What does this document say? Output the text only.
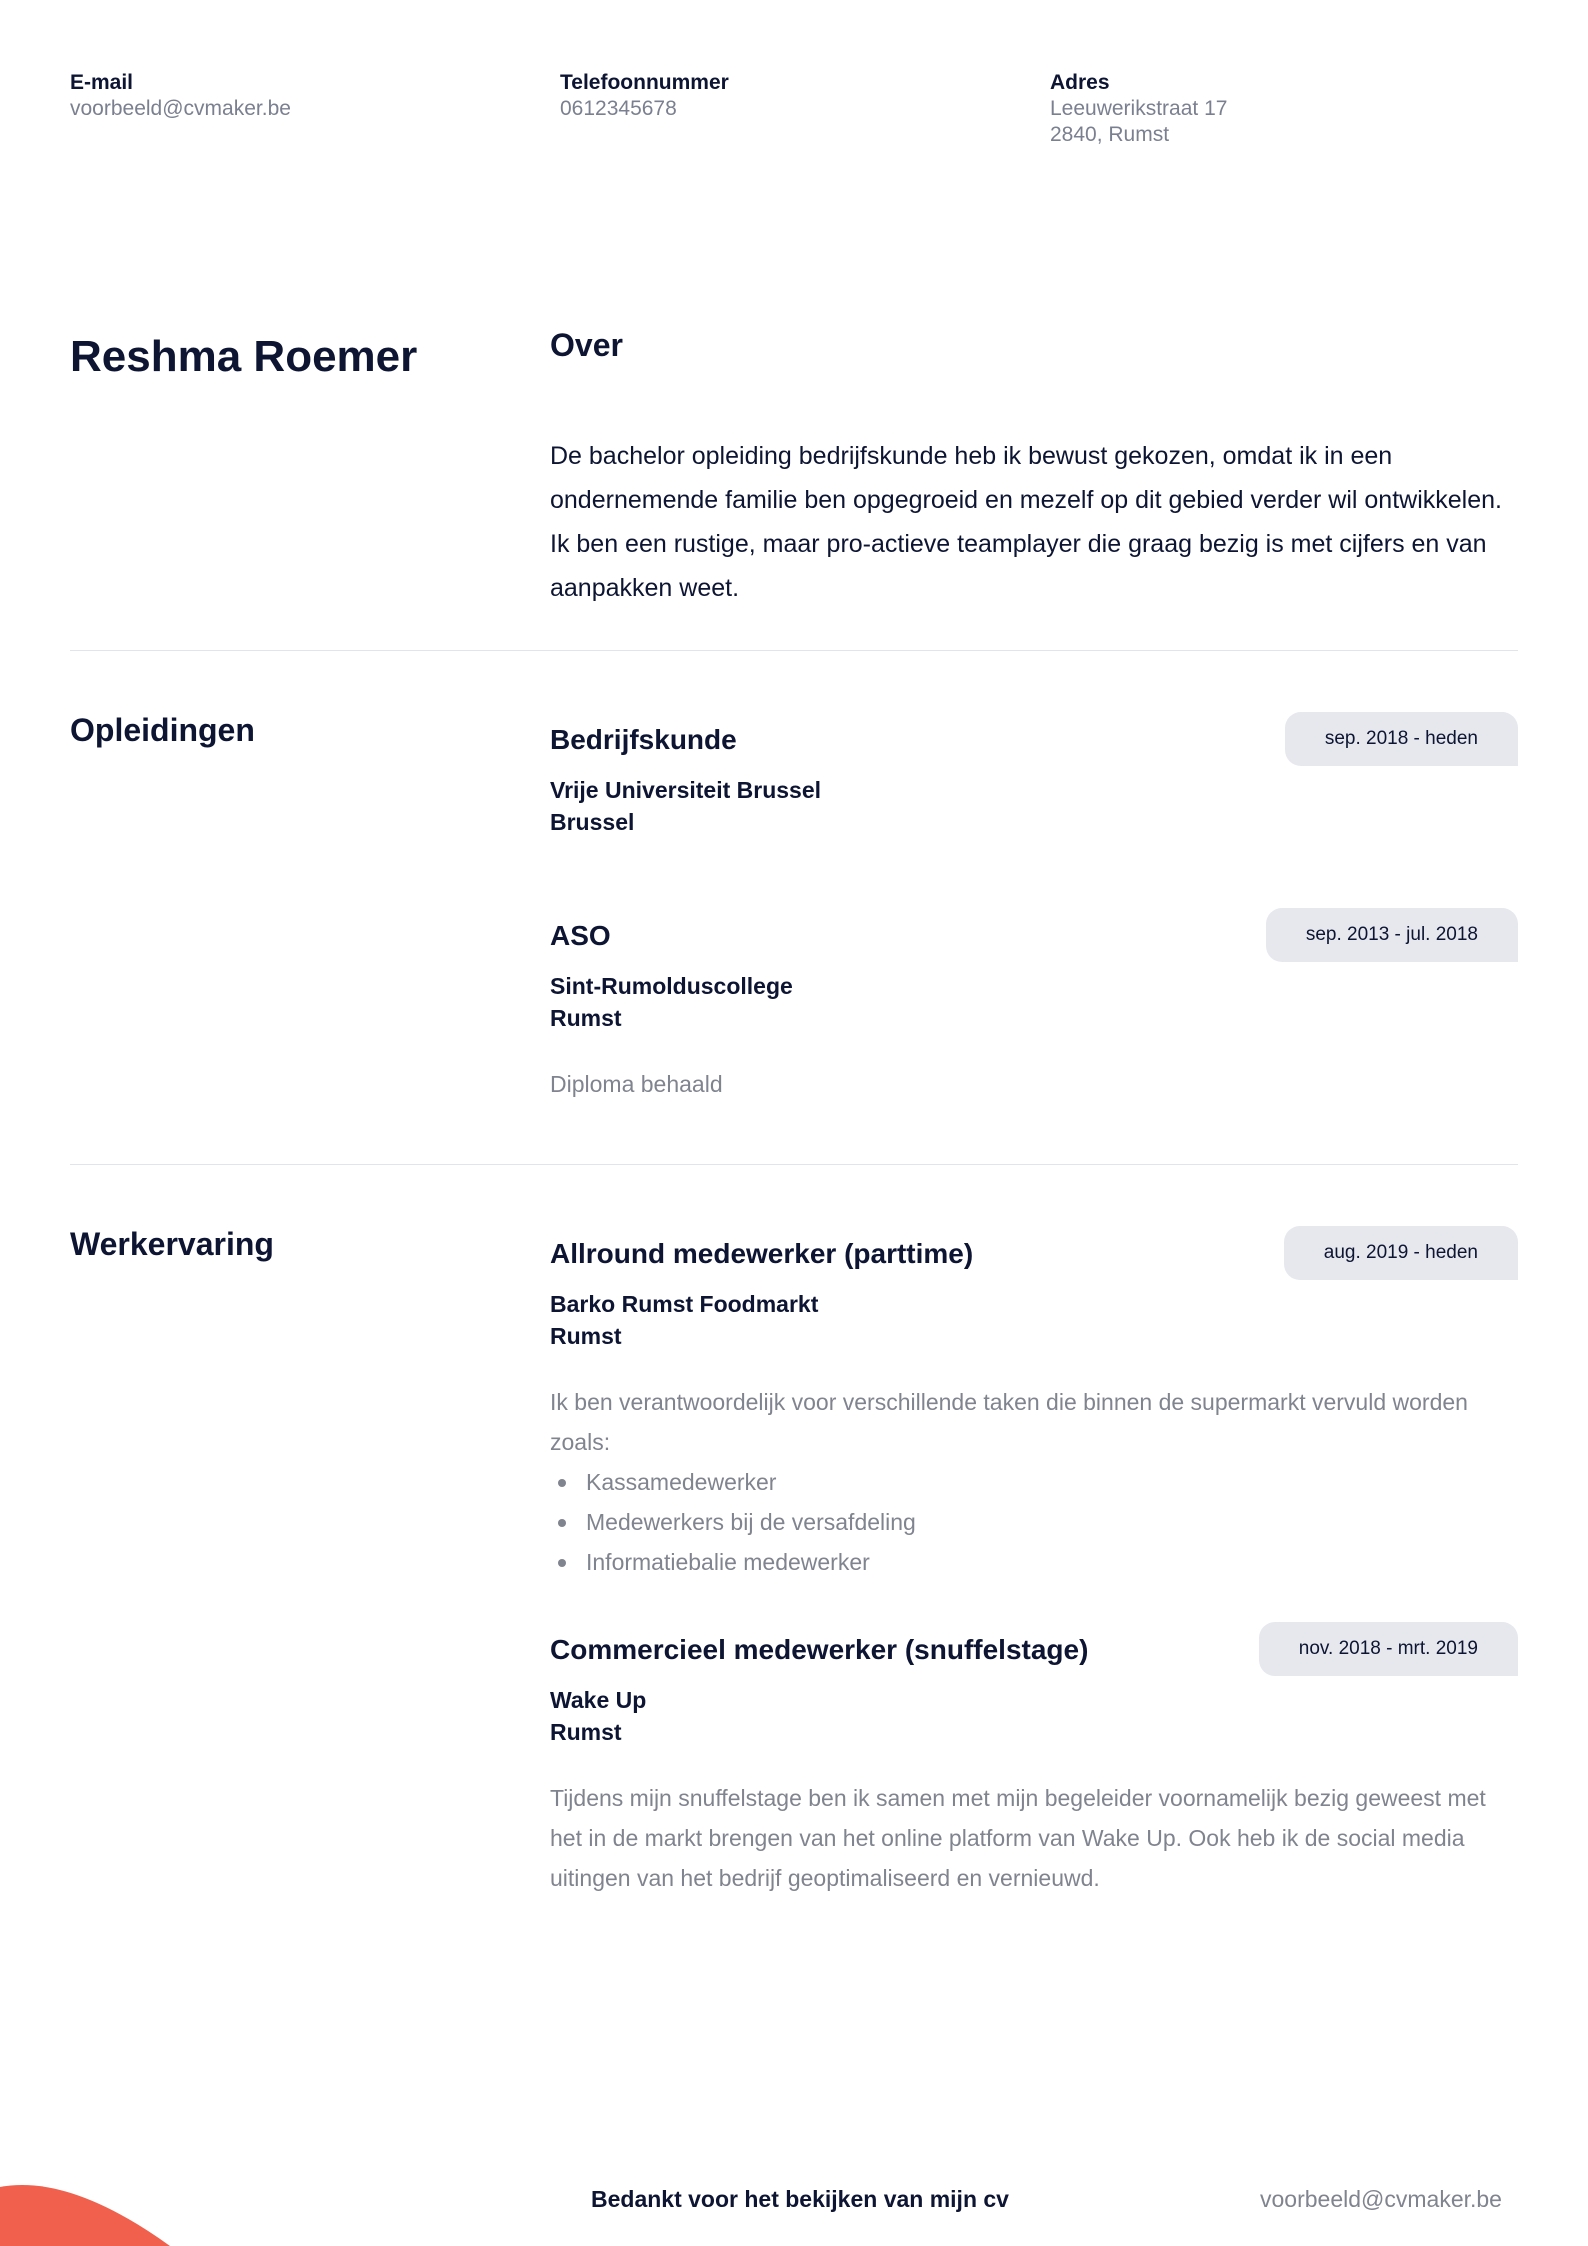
E-mail
voorbeeld@cvmaker.be
Telefoonnummer
0612345678
Adres
Leeuwerikstraat 17
2840, Rumst
Reshma Roemer	Over

De bachelor opleiding bedrijfskunde heb ik bewust gekozen, omdat ik in een ondernemende familie ben opgegroeid en mezelf op dit gebied verder wil ontwikkelen. Ik ben een rustige, maar pro-actieve teamplayer die graag bezig is met cijfers en van aanpakken weet.

Opleidingen	Bedrijfskunde	sep. 2018 - heden
Vrije Universiteit Brussel
Brussel
ASO	sep. 2013 - jul. 2018
Sint-Rumolduscollege
Rumst
Diploma behaald
Werkervaring	Allround medewerker (parttime)	aug. 2019 - heden
Barko Rumst Foodmarkt
Rumst
Ik ben verantwoordelijk voor verschillende taken die binnen de supermarkt vervuld worden zoals:
Kassamedewerker
Medewerkers bij de versafdeling
Informatiebalie medewerker
Commercieel medewerker (snuffelstage)	nov. 2018 - mrt. 2019
Wake Up
Rumst
Tijdens mijn snuffelstage ben ik samen met mijn begeleider voornamelijk bezig geweest met het in de markt brengen van het online platform van Wake Up. Ook heb ik de social media uitingen van het bedrijf geoptimaliseerd en vernieuwd.
Bedankt voor het bekijken van mijn cv	voorbeeld@cvmaker.be
